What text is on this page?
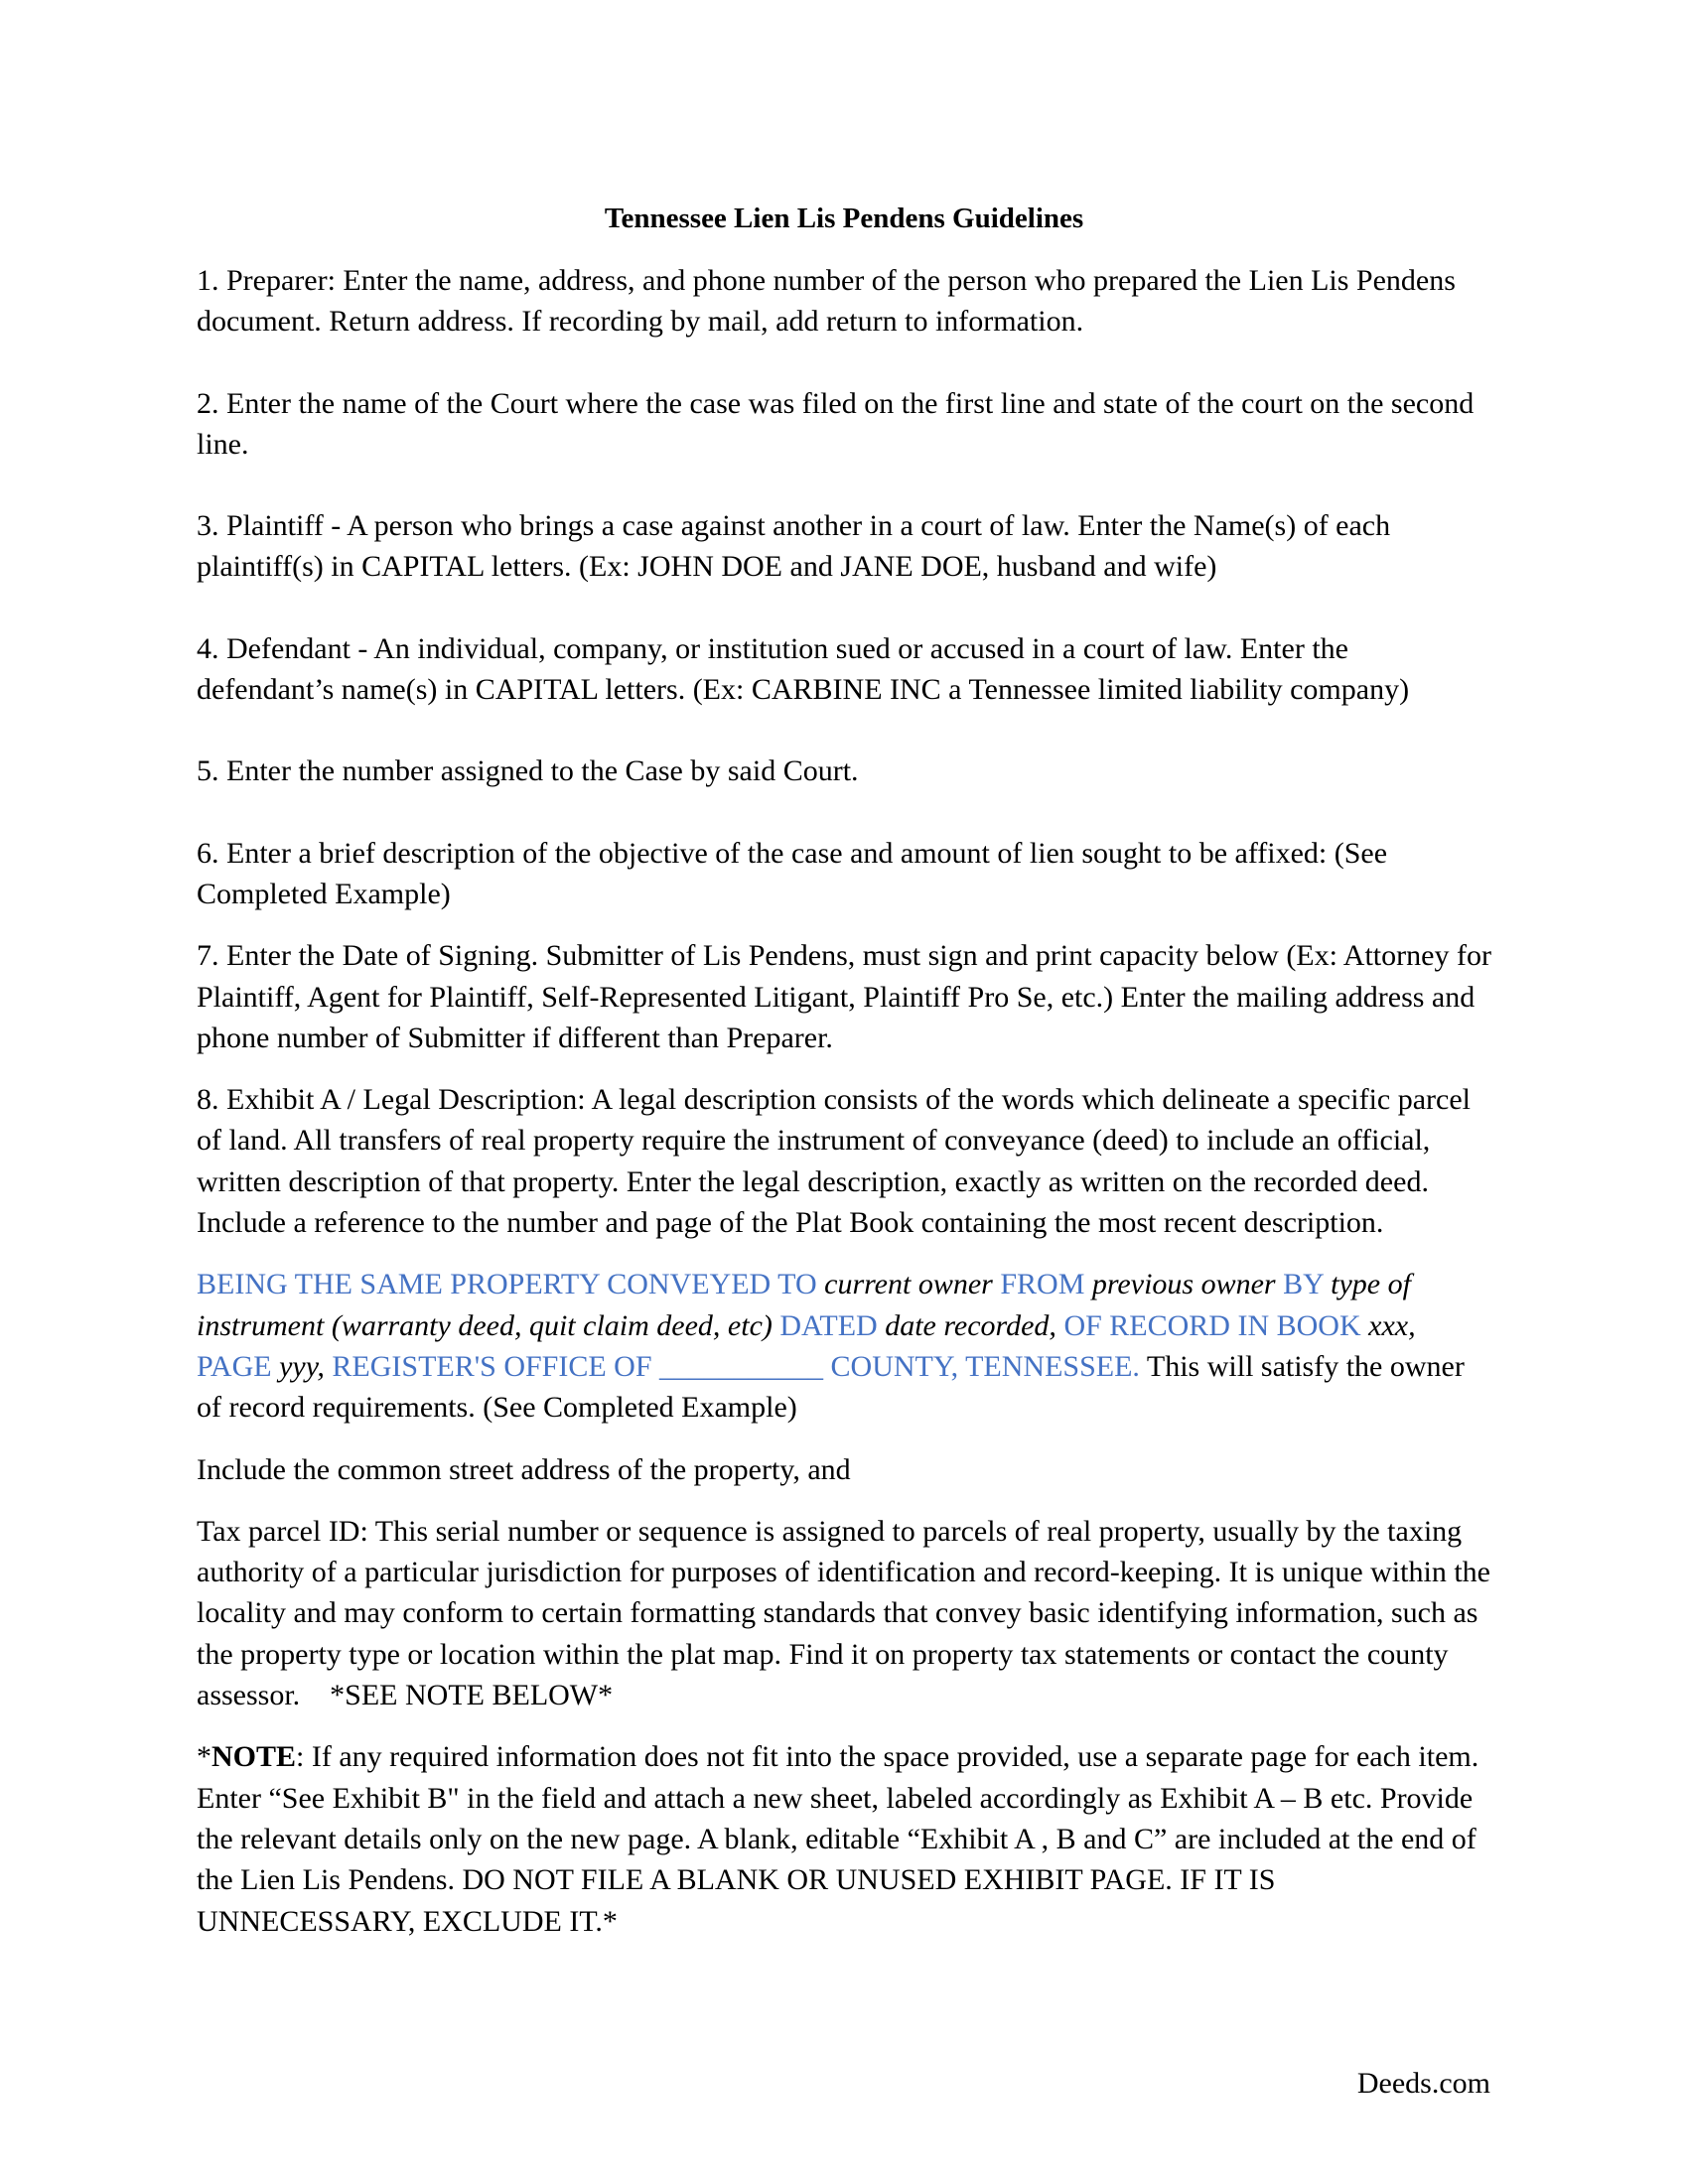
Tennessee Lien Lis Pendens Guidelines

1. Preparer: Enter the name, address, and phone number of the person who prepared the Lien Lis Pendens document. Return address. If recording by mail, add return to information.

2. Enter the name of the Court where the case was filed on the first line and state of the court on the second line.

3. Plaintiff - A person who brings a case against another in a court of law. Enter the Name(s) of each plaintiff(s) in CAPITAL letters. (Ex: JOHN DOE and JANE DOE, husband and wife)

4. Defendant - An individual, company, or institution sued or accused in a court of law. Enter the defendant’s name(s) in CAPITAL letters. (Ex: CARBINE INC a Tennessee limited liability company)

5. Enter the number assigned to the Case by said Court.

6. Enter a brief description of the objective of the case and amount of lien sought to be affixed: (See Completed Example)

7. Enter the Date of Signing. Submitter of Lis Pendens, must sign and print capacity below (Ex: Attorney for Plaintiff, Agent for Plaintiff, Self-Represented Litigant, Plaintiff Pro Se, etc.) Enter the mailing address and phone number of Submitter if different than Preparer.

8. Exhibit A / Legal Description: A legal description consists of the words which delineate a specific parcel of land. All transfers of real property require the instrument of conveyance (deed) to include an official, written description of that property. Enter the legal description, exactly as written on the recorded deed. Include a reference to the number and page of the Plat Book containing the most recent description.

BEING THE SAME PROPERTY CONVEYED TO current owner FROM previous owner BY type of instrument (warranty deed, quit claim deed, etc) DATED date recorded, OF RECORD IN BOOK xxx, PAGE yyy, REGISTER'S OFFICE OF ___________ COUNTY, TENNESSEE. This will satisfy the owner of record requirements. (See Completed Example)

Include the common street address of the property, and

Tax parcel ID: This serial number or sequence is assigned to parcels of real property, usually by the taxing authority of a particular jurisdiction for purposes of identification and record-keeping. It is unique within the locality and may conform to certain formatting standards that convey basic identifying information, such as the property type or location within the plat map. Find it on property tax statements or contact the county assessor.    *SEE NOTE BELOW*

*NOTE: If any required information does not fit into the space provided, use a separate page for each item. Enter “See Exhibit B" in the field and attach a new sheet, labeled accordingly as Exhibit A – B etc. Provide the relevant details only on the new page. A blank, editable “Exhibit A , B and C” are included at the end of the Lien Lis Pendens. DO NOT FILE A BLANK OR UNUSED EXHIBIT PAGE. IF IT IS UNNECESSARY, EXCLUDE IT.*

Deeds.com
